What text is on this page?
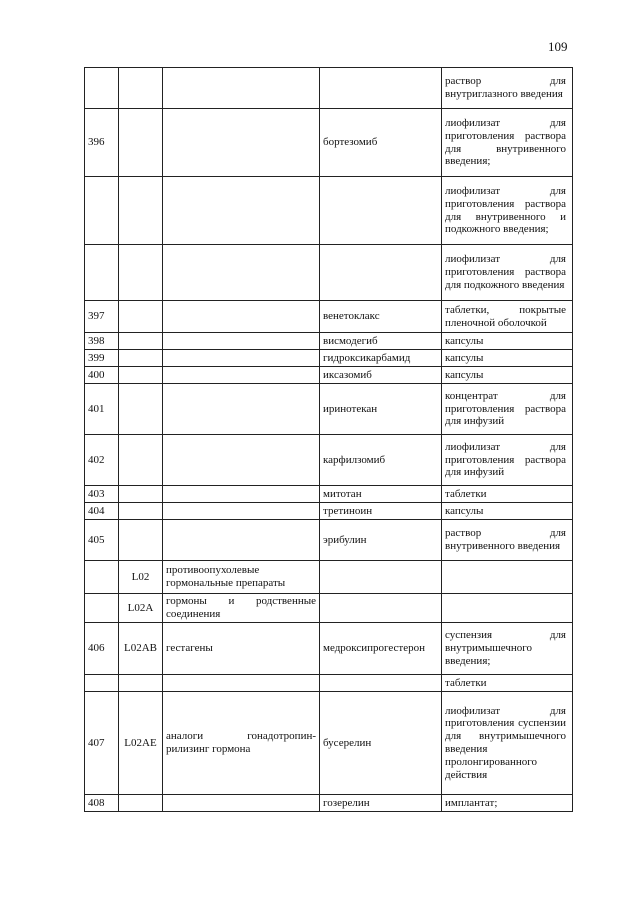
109
				раствор для внутриглазного введения
396			бортезомиб	лиофилизат для приготовления раствора для внутривенного введения;
				лиофилизат для приготовления раствора для внутривенного и подкожного введения;
				лиофилизат для приготовления раствора для подкожного введения
397			венетоклакс	таблетки, покрытые пленочной оболочкой
398			висмодегиб	капсулы
399			гидроксикарбамид	капсулы
400			иксазомиб	капсулы
401			иринотекан	концентрат для приготовления раствора для инфузий
402			карфилзомиб	лиофилизат для приготовления раствора для инфузий
403			митотан	таблетки
404			третиноин	капсулы
405			эрибулин	раствор для внутривенного введения
	L02	противоопухолевые гормональные препараты		
	L02A	гормоны и родственные соединения		
406	L02AB	гестагены	медроксипрогестерон	суспензия для внутримышечного введения;
				таблетки
407	L02AE	аналоги гонадотропин-рилизинг гормона	бусерелин	лиофилизат для приготовления суспензии для внутримышечного введения пролонгированного действия
408			гозерелин	имплантат;
